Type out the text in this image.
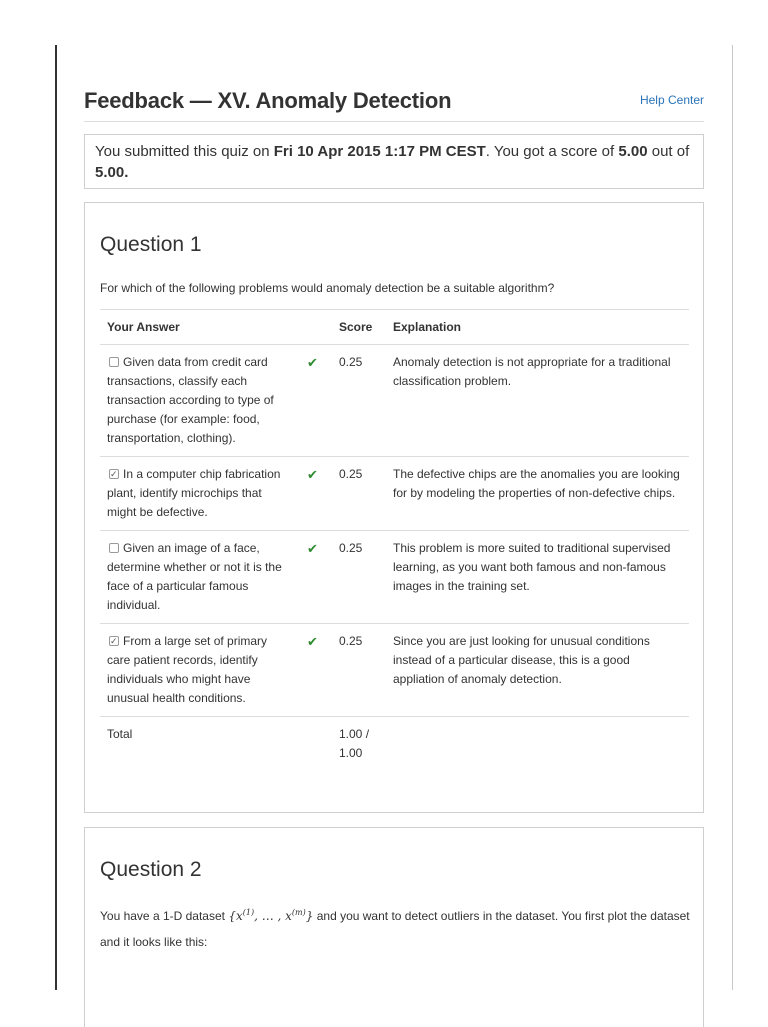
Feedback — XV. Anomaly Detection	Help Center
You submitted this quiz on Fri 10 Apr 2015 1:17 PM CEST. You got a score of 5.00 out of 5.00.
Question 1

For which of the following problems would anomaly detection be a suitable algorithm?

Your Answer		Score	Explanation
Given data from credit card transactions, classify each transaction according to type of purchase (for example: food, transportation, clothing).	✔	0.25	Anomaly detection is not appropriate for a traditional classification problem.
✓In a computer chip fabrication plant, identify microchips that might be defective.	✔	0.25	The defective chips are the anomalies you are looking for by modeling the properties of non-defective chips.
Given an image of a face, determine whether or not it is the face of a particular famous individual.	✔	0.25	This problem is more suited to traditional supervised learning, as you want both famous and non-famous images in the training set.
✓From a large set of primary care patient records, identify individuals who might have unusual health conditions.	✔	0.25	Since you are just looking for unusual conditions instead of a particular disease, this is a good appliation of anomaly detection.
Total		1.00 / 1.00	
Question 2

You have a 1-D dataset {$x^{(1)}$, … , $x^{(m)}$} and you want to detect outliers in the dataset. You first plot the dataset and it looks like this:
